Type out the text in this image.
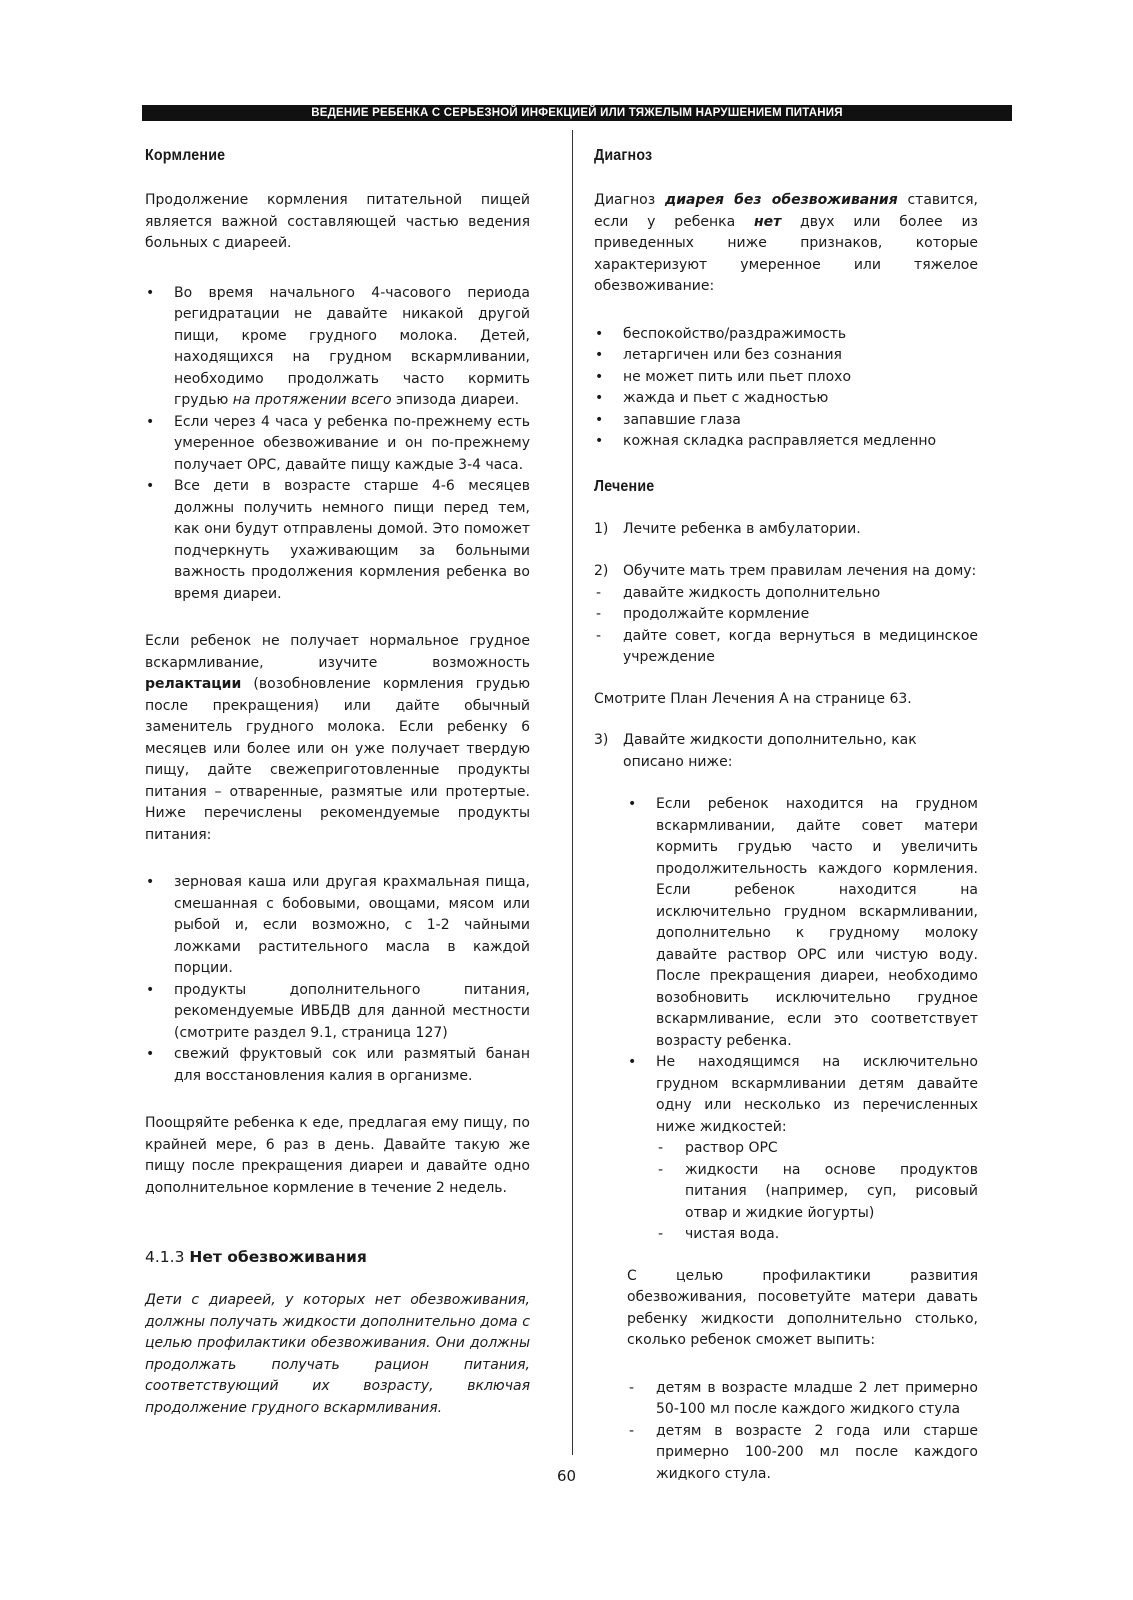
ВЕДЕНИЕ РЕБЕНКА С СЕРЬЕЗНОЙ ИНФЕКЦИЕЙ ИЛИ ТЯЖЕЛЫМ НАРУШЕНИЕМ ПИТАНИЯ
Кормление

Продолжение кормления питательной пищей является важной составляющей частью ведения больных с диареей.

• Во время начального 4-часового периода регидратации не давайте никакой другой пищи, кроме грудного молока. Детей, находящихся на грудном вскармливании, необходимо продолжать часто кормить грудью на протяжении всего эпизода диареи.
• Если через 4 часа у ребенка по-прежнему есть умеренное обезвоживание и он по-прежнему получает ОРС, давайте пищу каждые 3-4 часа.
• Все дети в возрасте старше 4-6 месяцев должны получить немного пищи перед тем, как они будут отправлены домой. Это поможет подчеркнуть ухаживающим за больными важность продолжения кормления ребенка во время диареи.

Если ребенок не получает нормальное грудное вскармливание, изучите возможность релактации (возобновление кормления грудью после прекращения) или дайте обычный заменитель грудного молока. Если ребенку 6 месяцев или более или он уже получает твердую пищу, дайте свежеприготовленные продукты питания – отваренные, размятые или протертые. Ниже перечислены рекомендуемые продукты питания:

• зерновая каша или другая крахмальная пища, смешанная с бобовыми, овощами, мясом или рыбой и, если возможно, с 1-2 чайными ложками растительного масла в каждой порции.
• продукты дополнительного питания, рекомендуемые ИВБДВ для данной местности (смотрите раздел 9.1, страница 127)
• свежий фруктовый сок или размятый банан для восстановления калия в организме.

Поощряйте ребенка к еде, предлагая ему пищу, по крайней мере, 6 раз в день. Давайте такую же пищу после прекращения диареи и давайте одно дополнительное кормление в течение 2 недель.

4.1.3 Нет обезвоживания

Дети с диареей, у которых нет обезвоживания, должны получать жидкости дополнительно дома с целью профилактики обезвоживания. Они должны продолжать получать рацион питания, соответствующий их возрасту, включая продолжение грудного вскармливания.

Диагноз

Диагноз диарея без обезвоживания ставится, если у ребенка нет двух или более из приведенных ниже признаков, которые характеризуют умеренное или тяжелое обезвоживание:

• беспокойство/раздражимость
• летаргичен или без сознания
• не может пить или пьет плохо
• жажда и пьет с жадностью
• запавшие глаза
• кожная складка расправляется медленно
Лечение
1) Лечите ребенка в амбулатории.
2) Обучите мать трем правилам лечения на дому:
- давайте жидкость дополнительно
- продолжайте кормление
- дайте совет, когда вернуться в медицинское учреждение

Смотрите План Лечения А на странице 63.

3) Давайте жидкости дополнительно, как описано ниже:
• Если ребенок находится на грудном вскармливании, дайте совет матери кормить грудью часто и увеличить продолжительность каждого кормления. Если ребенок находится на исключительно грудном вскармливании, дополнительно к грудному молоку давайте раствор ОРС или чистую воду. После прекращения диареи, необходимо возобновить исключительно грудное вскармливание, если это соответствует возрасту ребенка.
• Не находящимся на исключительно грудном вскармливании детям давайте одну или несколько из перечисленных ниже жидкостей:
- раствор ОРС
- жидкости на основе продуктов питания (например, суп, рисовый отвар и жидкие йогурты)
- чистая вода.

С целью профилактики развития обезвоживания, посоветуйте матери давать ребенку жидкости дополнительно столько, сколько ребенок сможет выпить:

- детям в возрасте младше 2 лет примерно 50-100 мл после каждого жидкого стула
- детям в возрасте 2 года или старше примерно 100-200 мл после каждого жидкого стула.
60
